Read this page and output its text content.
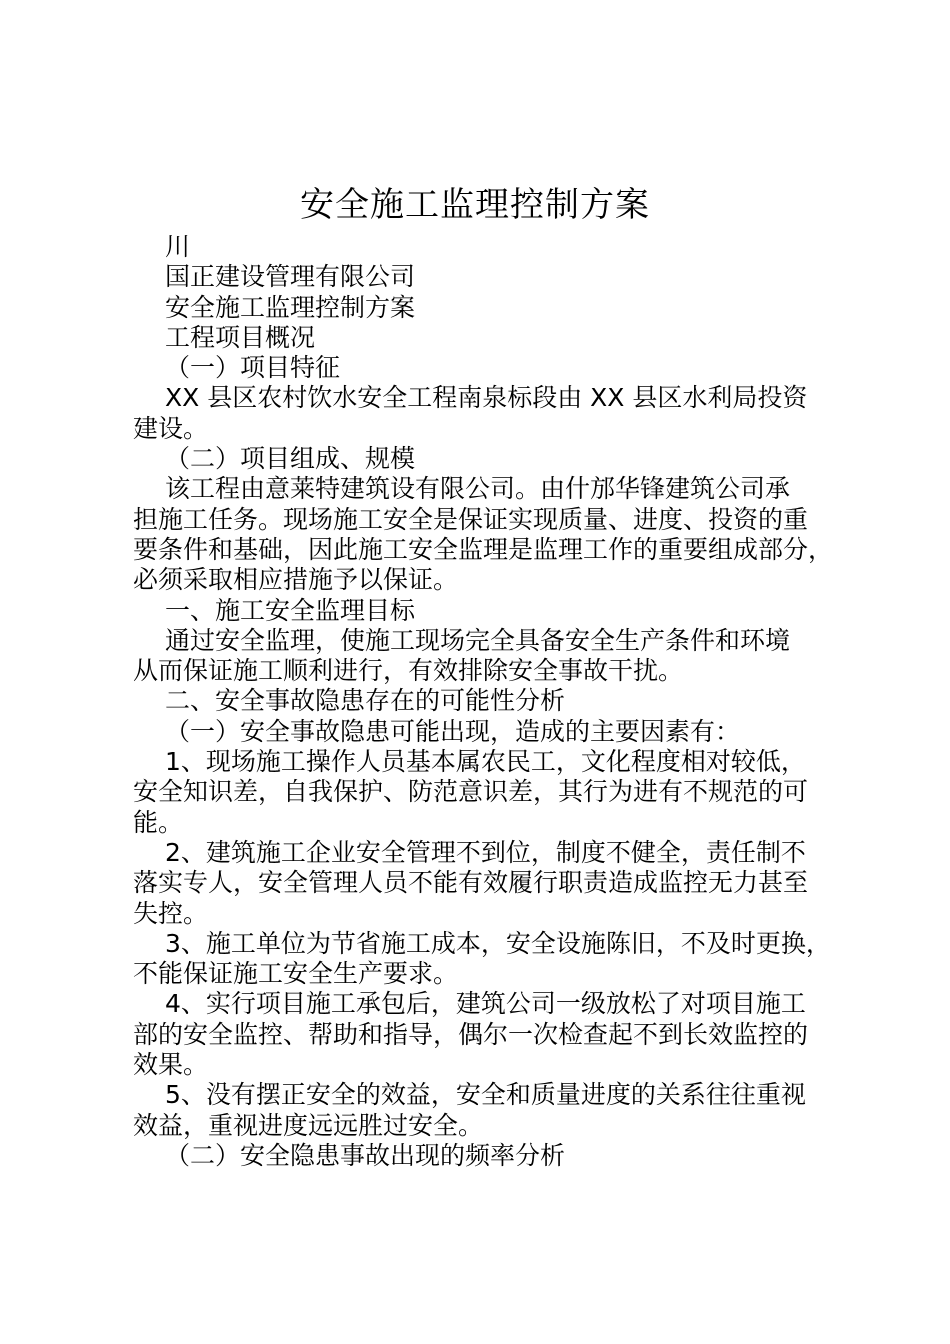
安全施工监理控制方案
川
国正建设管理有限公司
安全施工监理控制方案
工程项目概况
（一）项目特征
XX 县区农村饮水安全工程南泉标段由 XX 县区水利局投资
建设。
（二）项目组成、规模
该工程由意莱特建筑设有限公司。由什邡华锋建筑公司承
担施工任务。现场施工安全是保证实现质量、进度、投资的重
要条件和基础，因此施工安全监理是监理工作的重要组成部分，
必须采取相应措施予以保证。
一、施工安全监理目标
通过安全监理，使施工现场完全具备安全生产条件和环境
从而保证施工顺利进行，有效排除安全事故干扰。
二、安全事故隐患存在的可能性分析
（一）安全事故隐患可能出现，造成的主要因素有：
1、现场施工操作人员基本属农民工，文化程度相对较低，
安全知识差，自我保护、防范意识差，其行为进有不规范的可
能。
2、建筑施工企业安全管理不到位，制度不健全，责任制不
落实专人，安全管理人员不能有效履行职责造成监控无力甚至
失控。
3、施工单位为节省施工成本，安全设施陈旧，不及时更换，
不能保证施工安全生产要求。
4、实行项目施工承包后，建筑公司一级放松了对项目施工
部的安全监控、帮助和指导，偶尔一次检查起不到长效监控的
效果。
5、没有摆正安全的效益，安全和质量进度的关系往往重视
效益，重视进度远远胜过安全。
（二）安全隐患事故出现的频率分析
